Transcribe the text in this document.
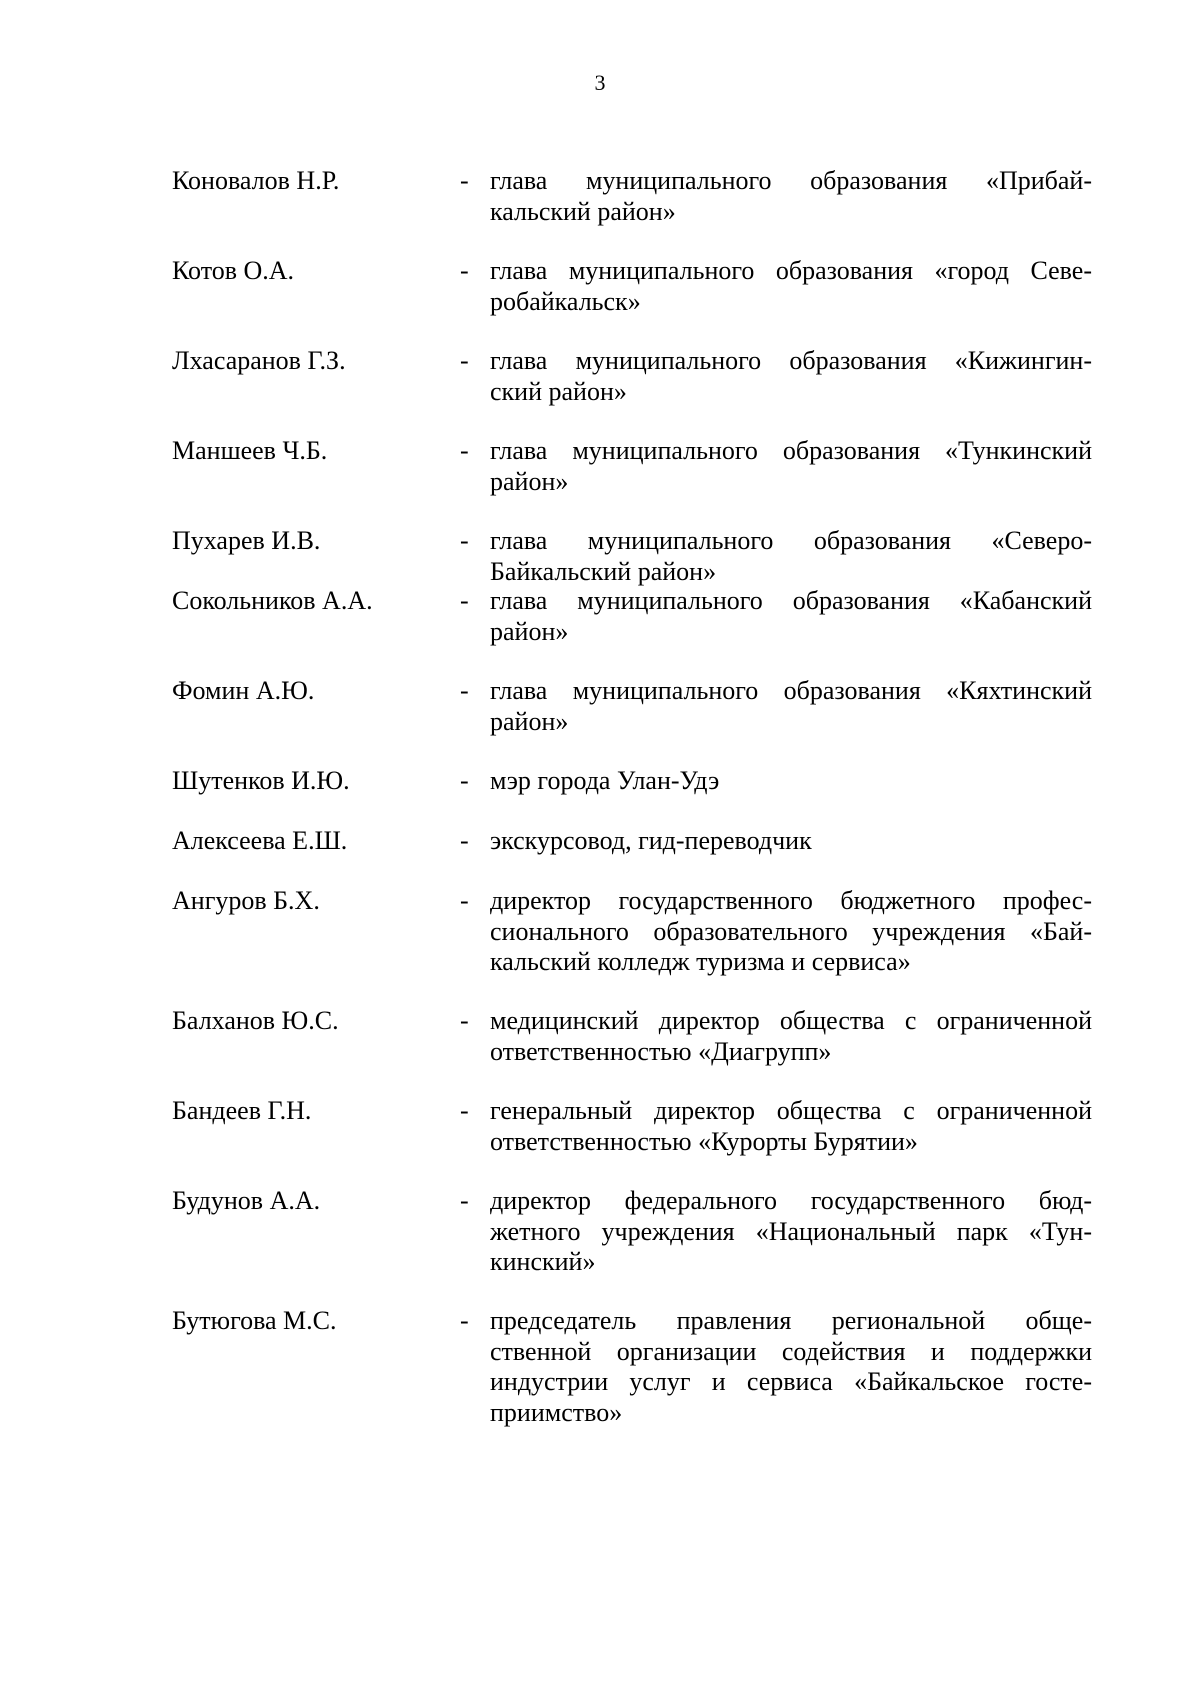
3
Коновалов Н.Р.	- глава муниципального образования «Прибай-
кальский район»
Котов О.А.	- глава муниципального образования «город Севе-
робайкальск»
Лхасаранов Г.З.	- глава муниципального образования «Кижингин-
ский район»
Маншеев Ч.Б.	- глава муниципального образования «Тункинский
район»
Пухарев И.В.	- глава муниципального образования «Северо-
Байкальский район»
Сокольников А.А.	- глава муниципального образования «Кабанский
район»
Фомин А.Ю.	- глава муниципального образования «Кяхтинский
район»
Шутенков И.Ю.	- мэр города Улан-Удэ
Алексеева Е.Ш.	- экскурсовод, гид-переводчик
Ангуров Б.Х.	- директор государственного бюджетного профес-
сионального образовательного учреждения «Бай-
кальский колледж туризма и сервиса»
Балханов Ю.С.	- медицинский директор общества с ограниченной
ответственностью «Диагрупп»
Бандеев Г.Н.	- генеральный директор общества с ограниченной
ответственностью «Курорты Бурятии»
Будунов А.А.	- директор федерального государственного бюд-
жетного учреждения «Национальный парк «Тун-
кинский»
Бутюгова М.С.	- председатель правления региональной обще-
ственной организации содействия и поддержки
индустрии услуг и сервиса «Байкальское госте-
приимство»
